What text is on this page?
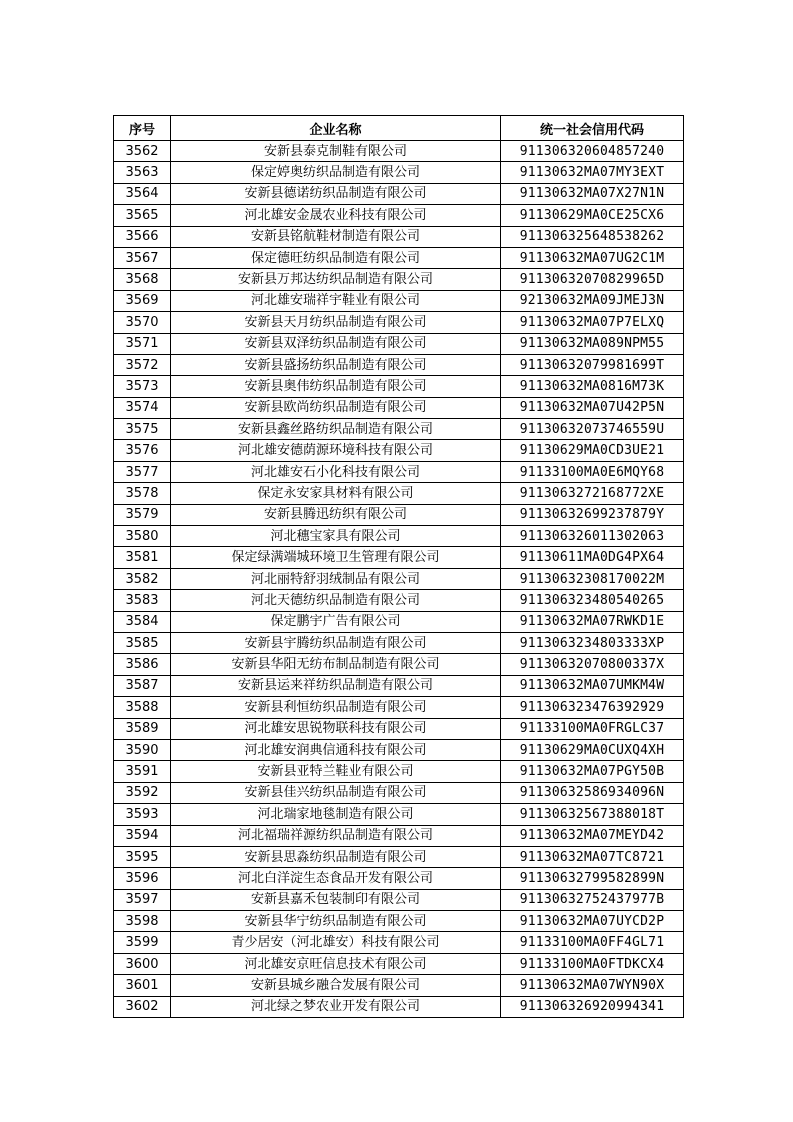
序号	企业名称	统一社会信用代码
3562	安新县泰克制鞋有限公司	911306320604857240
3563	保定婷奥纺织品制造有限公司	91130632MA07MY3EXT
3564	安新县德诺纺织品制造有限公司	91130632MA07X27N1N
3565	河北雄安金晟农业科技有限公司	91130629MA0CE25CX6
3566	安新县铭航鞋材制造有限公司	911306325648538262
3567	保定德旺纺织品制造有限公司	91130632MA07UG2C1M
3568	安新县万邦达纺织品制造有限公司	91130632070829965D
3569	河北雄安瑞祥宇鞋业有限公司	92130632MA09JMEJ3N
3570	安新县天月纺织品制造有限公司	91130632MA07P7ELXQ
3571	安新县双泽纺织品制造有限公司	91130632MA089NPM55
3572	安新县盛扬纺织品制造有限公司	91130632079981699T
3573	安新县奥伟纺织品制造有限公司	91130632MA0816M73K
3574	安新县欧尚纺织品制造有限公司	91130632MA07U42P5N
3575	安新县鑫丝路纺织品制造有限公司	91130632073746559U
3576	河北雄安德荫源环境科技有限公司	91130629MA0CD3UE21
3577	河北雄安石小化科技有限公司	91133100MA0E6MQY68
3578	保定永安家具材料有限公司	9113063272168772XE
3579	安新县腾迅纺织有限公司	91130632699237879Y
3580	河北穗宝家具有限公司	911306326011302063
3581	保定绿满端城环境卫生管理有限公司	91130611MA0DG4PX64
3582	河北丽特舒羽绒制品有限公司	91130632308170022M
3583	河北天德纺织品制造有限公司	911306323480540265
3584	保定鹏宇广告有限公司	91130632MA07RWKD1E
3585	安新县宇腾纺织品制造有限公司	9113063234803333XP
3586	安新县华阳无纺布制品制造有限公司	91130632070800337X
3587	安新县运来祥纺织品制造有限公司	91130632MA07UMKM4W
3588	安新县利恒纺织品制造有限公司	911306323476392929
3589	河北雄安思锐物联科技有限公司	91133100MA0FRGLC37
3590	河北雄安润典信通科技有限公司	91130629MA0CUXQ4XH
3591	安新县亚特兰鞋业有限公司	91130632MA07PGY50B
3592	安新县佳兴纺织品制造有限公司	91130632586934096N
3593	河北瑞家地毯制造有限公司	91130632567388018T
3594	河北福瑞祥源纺织品制造有限公司	91130632MA07MEYD42
3595	安新县思淼纺织品制造有限公司	91130632MA07TC8721
3596	河北白洋淀生态食品开发有限公司	91130632799582899N
3597	安新县嘉禾包装制印有限公司	91130632752437977B
3598	安新县华宁纺织品制造有限公司	91130632MA07UYCD2P
3599	青少居安（河北雄安）科技有限公司	91133100MA0FF4GL71
3600	河北雄安京旺信息技术有限公司	91133100MA0FTDKCX4
3601	安新县城乡融合发展有限公司	91130632MA07WYN90X
3602	河北绿之梦农业开发有限公司	911306326920994341
